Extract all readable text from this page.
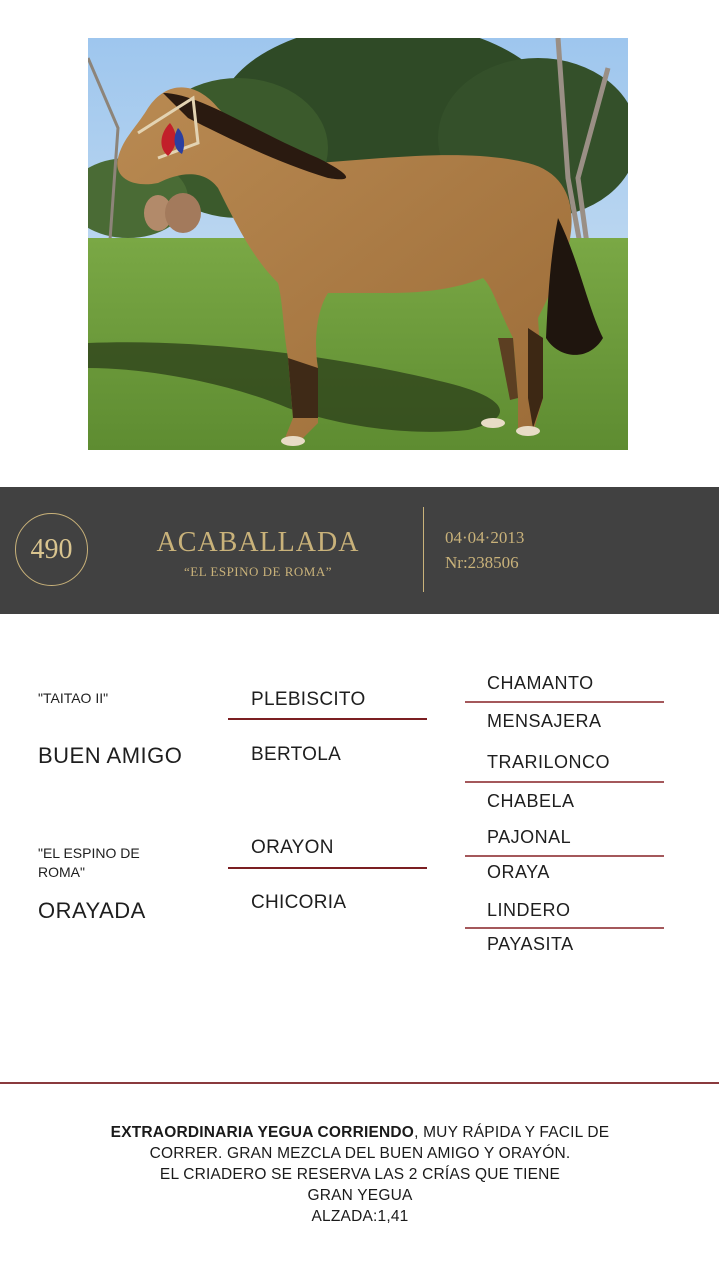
490	ACABALLADA
“EL ESPINO DE ROMA”
04·04·2013
Nr:238506
"TAITAO II"
BUEN AMIGO
PLEBISCITO
BERTOLA
CHAMANTO
MENSAJERA
TRARILONCO
CHABELA
"EL ESPINO DE
ROMA"
ORAYADA
ORAYON
CHICORIA
PAJONAL
ORAYA
LINDERO
PAYASITA
EXTRAORDINARIA YEGUA CORRIENDO, MUY RÁPIDA Y FACIL DE
CORRER. GRAN MEZCLA DEL BUEN AMIGO Y ORAYÓN.
EL CRIADERO SE RESERVA LAS 2 CRÍAS QUE TIENE
GRAN YEGUA
ALZADA:1,41
